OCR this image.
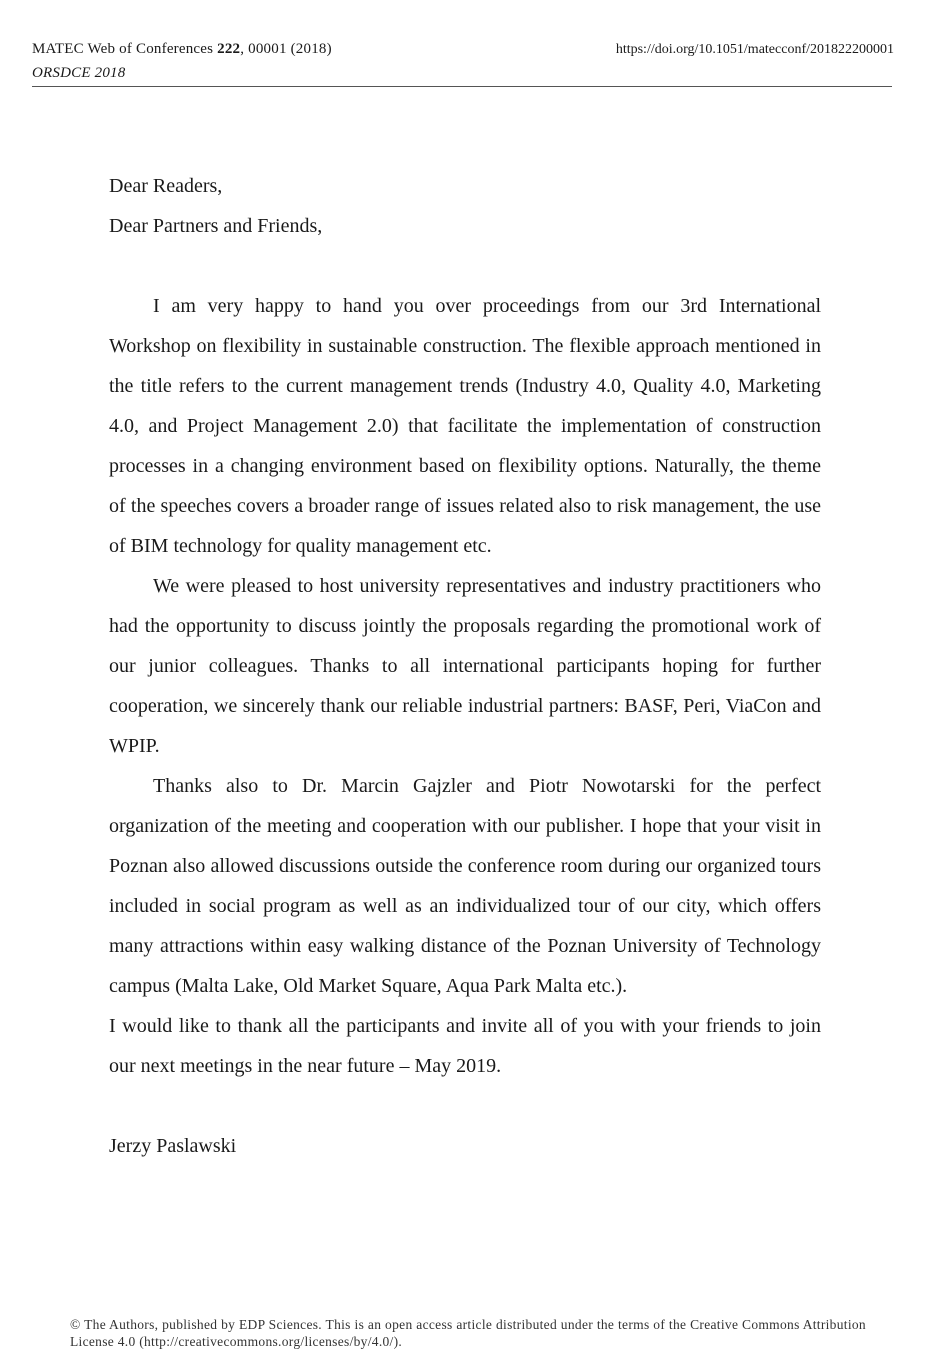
MATEC Web of Conferences 222, 00001 (2018)
ORSDCE 2018
https://doi.org/10.1051/matecconf/201822200001

Dear Readers,

Dear Partners and Friends,

I am very happy to hand you over proceedings from our 3rd International Workshop on flexibility in sustainable construction. The flexible approach mentioned in the title refers to the current management trends (Industry 4.0, Quality 4.0, Marketing 4.0, and Project Management 2.0) that facilitate the implementation of construction processes in a changing environment based on flexibility options. Naturally, the theme of the speeches covers a broader range of issues related also to risk management, the use of BIM technology for quality management etc.

We were pleased to host university representatives and industry practitioners who had the opportunity to discuss jointly the proposals regarding the promotional work of our junior colleagues. Thanks to all international participants hoping for further cooperation, we sincerely thank our reliable industrial partners: BASF, Peri, ViaCon and WPIP.

Thanks also to Dr. Marcin Gajzler and Piotr Nowotarski for the perfect organization of the meeting and cooperation with our publisher. I hope that your visit in Poznan also allowed discussions outside the conference room during our organized tours included in social program as well as an individualized tour of our city, which offers many attractions within easy walking distance of the Poznan University of Technology campus (Malta Lake, Old Market Square, Aqua Park Malta etc.).

I would like to thank all the participants and invite all of you with your friends to join our next meetings in the near future – May 2019.

Jerzy Paslawski

© The Authors, published by EDP Sciences. This is an open access article distributed under the terms of the Creative Commons Attribution License 4.0 (http://creativecommons.org/licenses/by/4.0/).
